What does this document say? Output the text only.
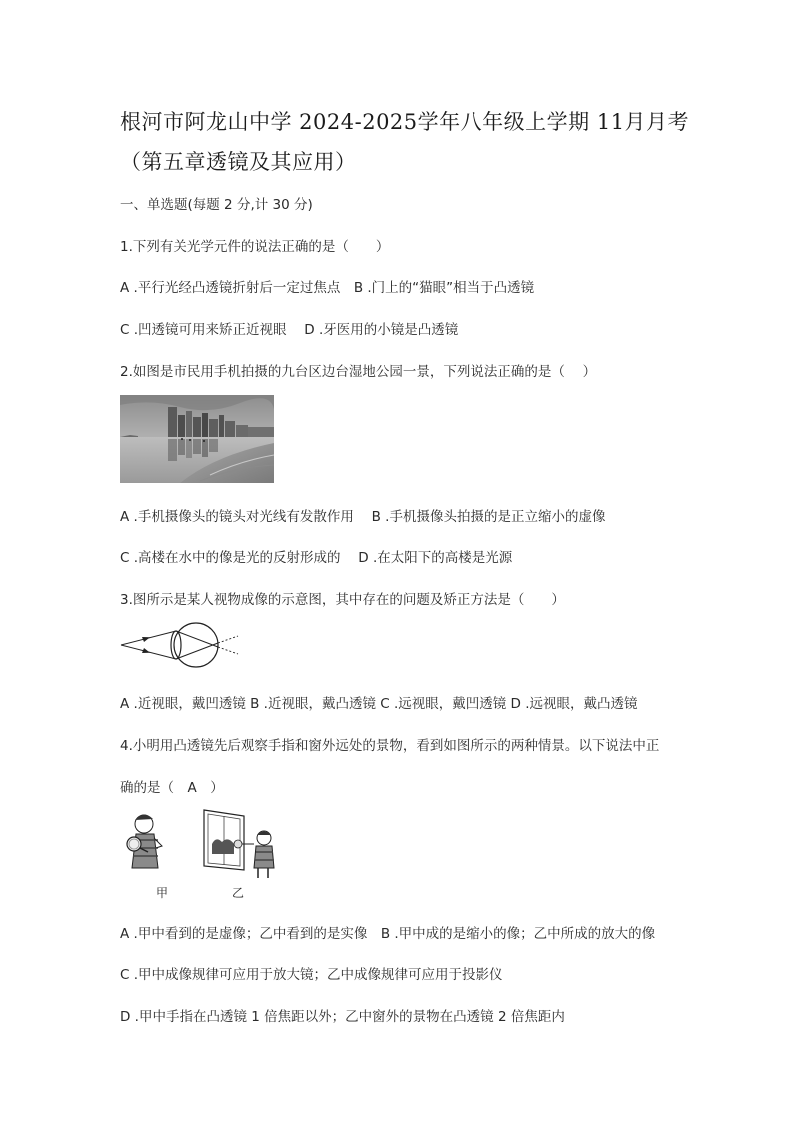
根河市阿龙山中学 2024-2025学年八年级上学期 11月月考
（第五章透镜及其应用）
一、单选题(每题 2 分,计 30 分)
1.下列有关光学元件的说法正确的是（　　）
A .平行光经凸透镜折射后一定过焦点　B .门上的“猫眼”相当于凸透镜
C .凹透镜可用来矫正近视眼　 D .牙医用的小镜是凸透镜
2.如图是市民用手机拍摄的九台区边台湿地公园一景，下列说法正确的是（　 ）
A .手机摄像头的镜头对光线有发散作用　 B .手机摄像头拍摄的是正立缩小的虚像
C .高楼在水中的像是光的反射形成的　 D .在太阳下的高楼是光源
3.图所示是某人视物成像的示意图，其中存在的问题及矫正方法是（　　）
A .近视眼，戴凹透镜 B .近视眼，戴凸透镜 C .远视眼，戴凹透镜 D .远视眼，戴凸透镜
4.小明用凸透镜先后观察手指和窗外远处的景物，看到如图所示的两种情景。以下说法中正
确的是（　A　）
甲	乙
A .甲中看到的是虚像；乙中看到的是实像　B .甲中成的是缩小的像；乙中所成的放大的像
C .甲中成像规律可应用于放大镜；乙中成像规律可应用于投影仪
D .甲中手指在凸透镜 1 倍焦距以外；乙中窗外的景物在凸透镜 2 倍焦距内
